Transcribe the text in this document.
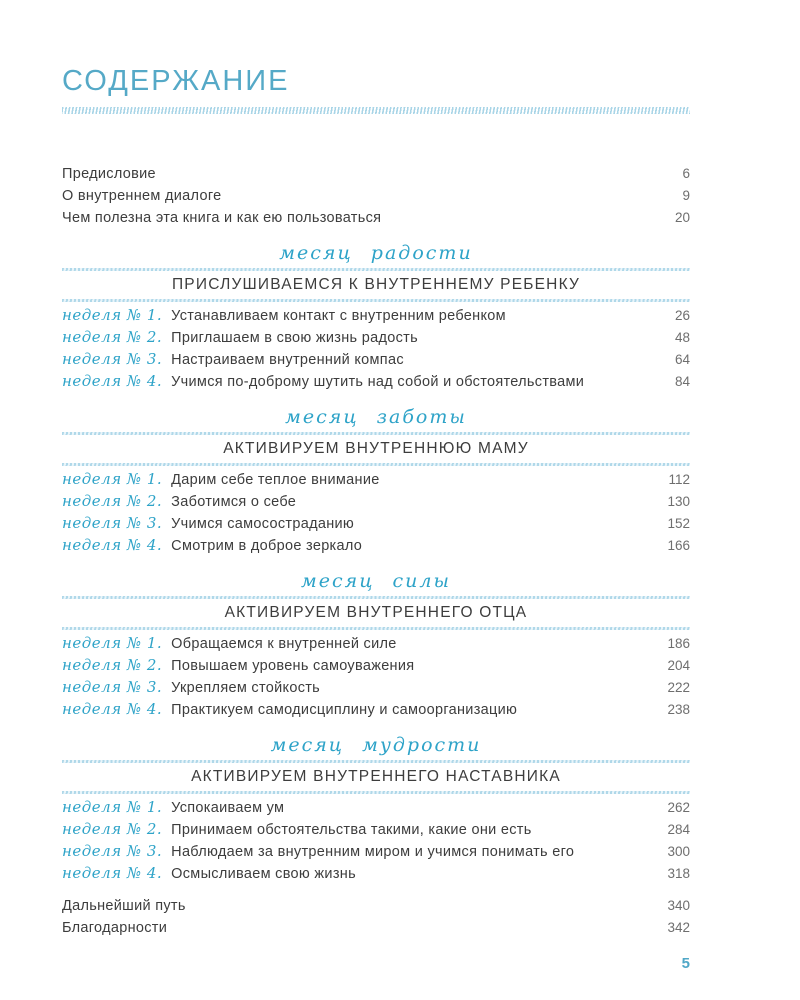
СОДЕРЖАНИЕ
Предисловие	6
О внутреннем диалоге	9
Чем полезна эта книга и как ею пользоваться	20
месяц радости
ПРИСЛУШИВАЕМСЯ К ВНУТРЕННЕМУ РЕБЕНКУ
неделя № 1. Устанавливаем контакт с внутренним ребенком	26
неделя № 2. Приглашаем в свою жизнь радость	48
неделя № 3. Настраиваем внутренний компас	64
неделя № 4. Учимся по-доброму шутить над собой и обстоятельствами	84
месяц заботы
АКТИВИРУЕМ ВНУТРЕННЮЮ МАМУ
неделя № 1. Дарим себе теплое внимание	112
неделя № 2. Заботимся о себе	130
неделя № 3. Учимся самосостраданию	152
неделя № 4. Смотрим в доброе зеркало	166
месяц силы
АКТИВИРУЕМ ВНУТРЕННЕГО ОТЦА
неделя № 1. Обращаемся к внутренней силе	186
неделя № 2. Повышаем уровень самоуважения	204
неделя № 3. Укрепляем стойкость	222
неделя № 4. Практикуем самодисциплину и самоорганизацию	238
месяц мудрости
АКТИВИРУЕМ ВНУТРЕННЕГО НАСТАВНИКА
неделя № 1. Успокаиваем ум	262
неделя № 2. Принимаем обстоятельства такими, какие они есть	284
неделя № 3. Наблюдаем за внутренним миром и учимся понимать его	300
неделя № 4. Осмысливаем свою жизнь	318
Дальнейший путь	340
Благодарности	342
5
